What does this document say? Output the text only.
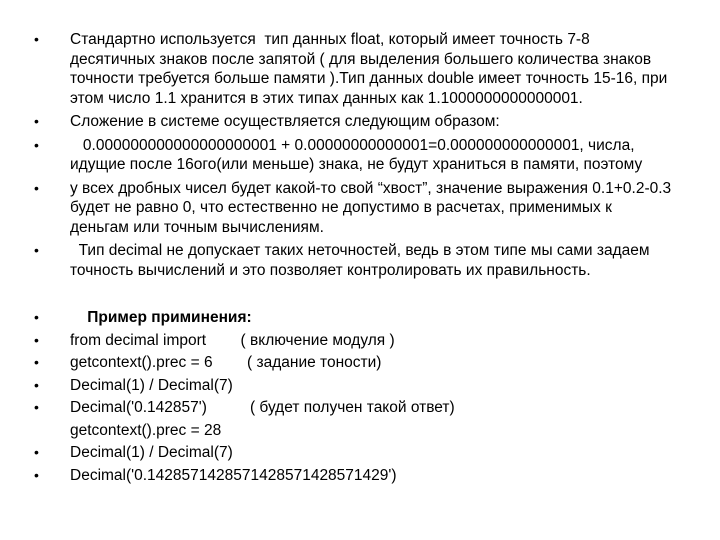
•	Стандартно используется  тип данных float, который имеет точность 7-8 десятичных знаков после запятой ( для выделения большего количества знаков точности требуется больше памяти ).Тип данных double имеет точность 15-16, при этом число 1.1 хранится в этих типах данных как 1.1000000000000001.
•	Сложение в системе осуществляется следующим образом:
•	0.000000000000000000001 + 0.00000000000001=0.000000000000001, числа, идущие после 16ого(или меньше) знака, не будут храниться в памяти, поэтому
•	у всех дробных чисел будет какой-то свой “хвост”, значение выражения 0.1+0.2-0.3 будет не равно 0, что естественно не допустимо в расчетах, применимых к деньгам или точным вычислениям.
•	Тип decimal не допускает таких неточностей, ведь в этом типе мы сами задаем точность вычислений и это позволяет контролировать их правильность.
•	Пример приминения:
•	from decimal import        ( включение модуля )
•	getcontext().prec = 6        ( задание тоности)
•	Decimal(1) / Decimal(7)
•	Decimal('0.142857')          ( будет получен такой ответ)
getcontext().prec = 28
•	Decimal(1) / Decimal(7)
•	Decimal('0.1428571428571428571428571429')
